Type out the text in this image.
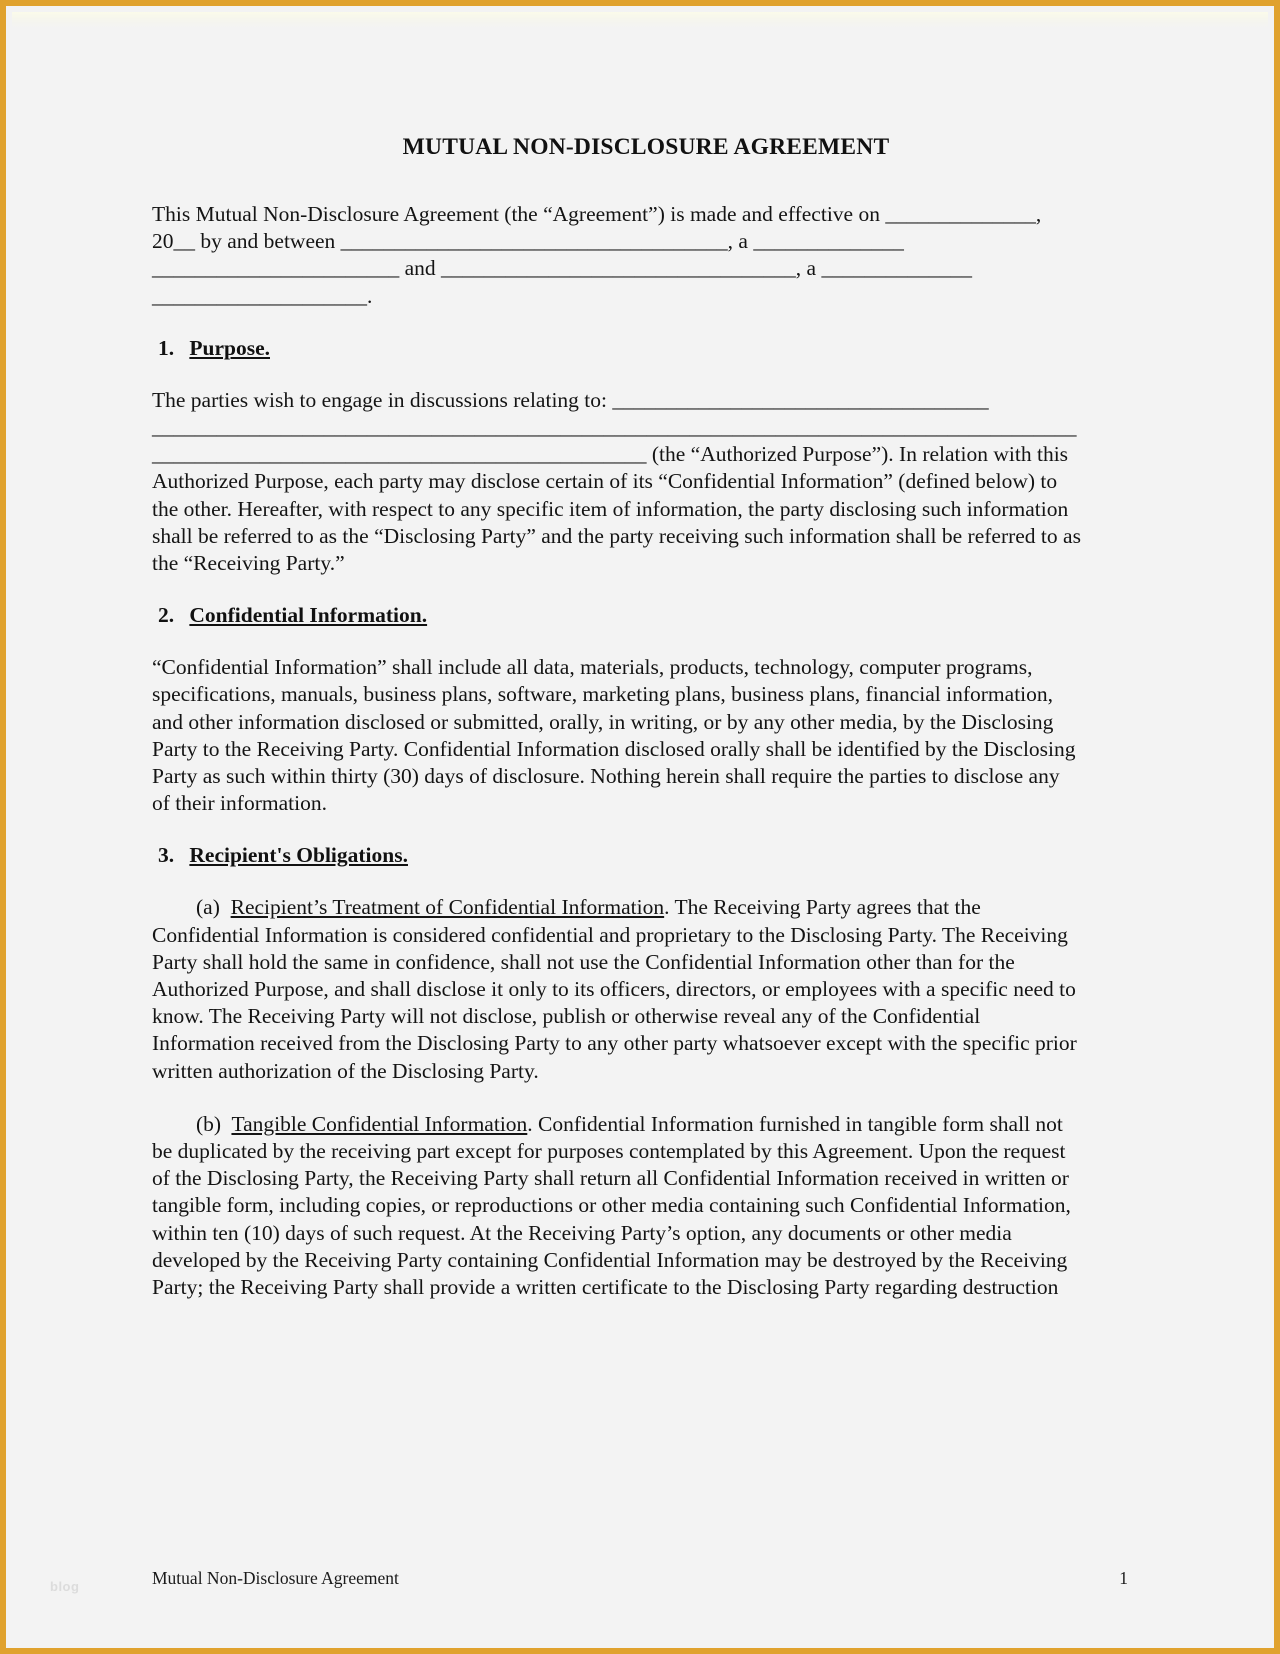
MUTUAL NON-DISCLOSURE AGREEMENT

This Mutual Non-Disclosure Agreement (the “Agreement”) is made and effective on ______________, 20__ by and between ____________________________________, a ______________ _______________________ and _________________________________, a ______________ ____________________.

1. Purpose.

The parties wish to engage in discussions relating to: ___________________________________ ______________________________________________________________________________________ ______________________________________________ (the “Authorized Purpose”). In relation with this Authorized Purpose, each party may disclose certain of its “Confidential Information” (defined below) to the other. Hereafter, with respect to any specific item of information, the party disclosing such information shall be referred to as the “Disclosing Party” and the party receiving such information shall be referred to as the “Receiving Party.”

2. Confidential Information.

“Confidential Information” shall include all data, materials, products, technology, computer programs, specifications, manuals, business plans, software, marketing plans, business plans, financial information, and other information disclosed or submitted, orally, in writing, or by any other media, by the Disclosing Party to the Receiving Party. Confidential Information disclosed orally shall be identified by the Disclosing Party as such within thirty (30) days of disclosure. Nothing herein shall require the parties to disclose any of their information.

3. Recipient's Obligations.

(a) Recipient’s Treatment of Confidential Information. The Receiving Party agrees that the Confidential Information is considered confidential and proprietary to the Disclosing Party. The Receiving Party shall hold the same in confidence, shall not use the Confidential Information other than for the Authorized Purpose, and shall disclose it only to its officers, directors, or employees with a specific need to know. The Receiving Party will not disclose, publish or otherwise reveal any of the Confidential Information received from the Disclosing Party to any other party whatsoever except with the specific prior written authorization of the Disclosing Party.

(b) Tangible Confidential Information. Confidential Information furnished in tangible form shall not be duplicated by the receiving part except for purposes contemplated by this Agreement. Upon the request of the Disclosing Party, the Receiving Party shall return all Confidential Information received in written or tangible form, including copies, or reproductions or other media containing such Confidential Information, within ten (10) days of such request. At the Receiving Party’s option, any documents or other media developed by the Receiving Party containing Confidential Information may be destroyed by the Receiving Party; the Receiving Party shall provide a written certificate to the Disclosing Party regarding destruction

Mutual Non-Disclosure Agreement	1
blog
